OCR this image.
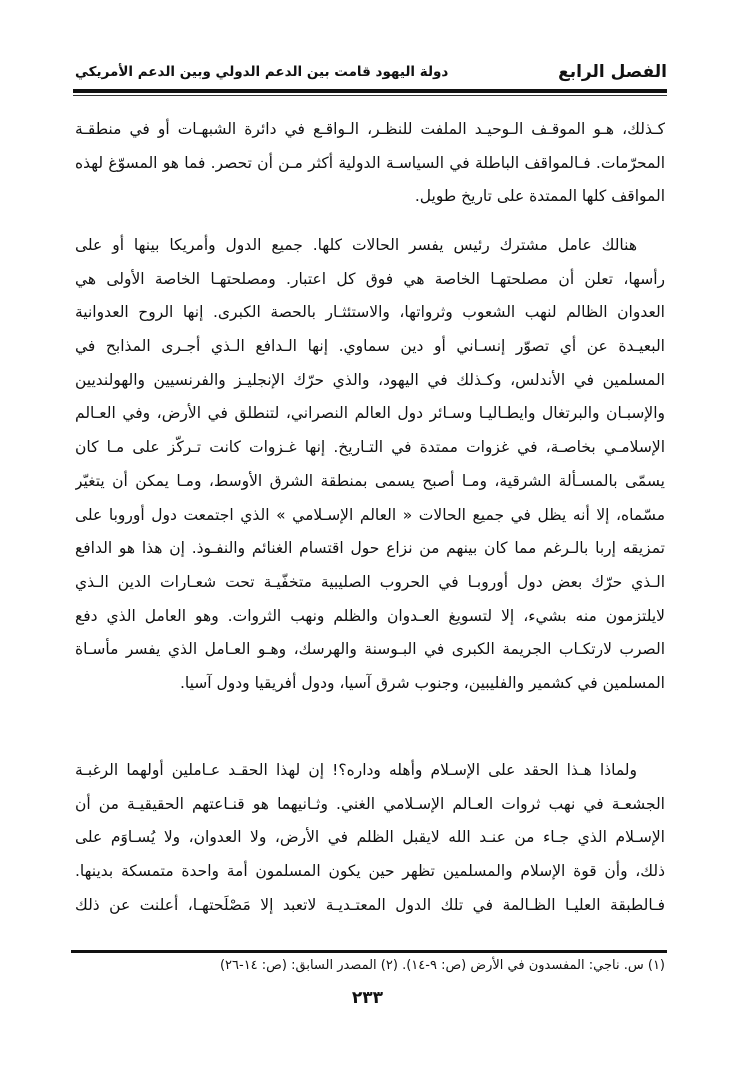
الفصل الرابع
دولة اليهود قامت بين الدعم الدولي وبين الدعم الأمريكي
كـذلك، هـو الموقـف الـوحيـد الملفت للنظـر، الـواقـع في دائرة الشبهـات أو في منطقـة
المحرّمات. فـالمواقف الباطلة في السياسـة الدولية أكثر مـن أن تحصر. فما هو المسوّغ لهذه
المواقف كلها الممتدة على تاريخ طويل.
هنالك عامل مشترك رئيس يفسر الحالات كلها. جميع الدول وأمريكا بينها أو على
رأسها، تعلن أن مصلحتهـا الخاصة هي فوق كل اعتبار. ومصلحتهـا الخاصة الأولى هي
العدوان الظالم لنهب الشعوب وثرواتها، والاستئثـار بالحصة الكبرى. إنها الروح العدوانية
البعيـدة عن أي تصوّر إنسـاني أو دين سماوي. إنها الـدافع الـذي أجـرى المذابح في
المسلمين في الأندلس، وكـذلك في اليهود، والذي حرّك الإنجليـز والفرنسيين والهولنديين
والإسبـان والبرتغال وايطـاليـا وسـائر دول العالم النصراني، لتنطلق في الأرض، وفي العـالم
الإسلامـي بخاصـة، في غزوات ممتدة في التـاريخ. إنها غـزوات كانت تـركّز على مـا كان
يسمّى بالمسـألة الشرقية، ومـا أصبح يسمى بمنطقة الشرق الأوسط، ومـا يمكن أن يتغيّر
مسّماه، إلا أنه يظل في جميع الحالات « العالم الإسـلامي » الذي اجتمعت دول أوروبا على
تمزيقه إربا بالـرغم مما كان بينهم من نزاع حول اقتسام الغنائم والنفـوذ. إن هذا هو الدافع
الـذي حرّك بعض دول أوروبـا في الحروب الصليبية متخفّيـة تحت شعـارات الدين الـذي
لايلتزمون منه بشيء، إلا لتسويغ العـدوان والظلم ونهب الثروات. وهو العامل الذي دفع
الصرب لارتكـاب الجريمة الكبرى في البـوسنة والهرسك، وهـو العـامل الذي يفسر مأسـاة
المسلمين في كشمير والفليبين، وجنوب شرق آسيا، ودول أفريقيا ودول آسيا.
ولماذا هـذا الحقد على الإسـلام وأهله وداره؟! إن لهذا الحقـد عـاملين أولهما الرغبـة
الجشعـة في نهب ثروات العـالم الإسـلامي الغني. وثـانيهما هو قنـاعتهم الحقيقيـة من أن
الإسـلام الذي جـاء من عنـد الله لايقبل الظلم في الأرض، ولا العدوان، ولا يُسـاوَم على
ذلك، وأن قوة الإسلام والمسلمين تظهر حين يكون المسلمون أمة واحدة متمسكة بدينها.
فـالطبقة العليـا الظـالمة في تلك الدول المعتـديـة لاتعبد إلا مَصْلَحتهـا، أعلنت عن ذلك
(١) س. ناجي: المفسدون في الأرض (ص: ٩-١٤). (٢) المصدر السابق: (ص: ١٤-٢٦)
٢٣٣
